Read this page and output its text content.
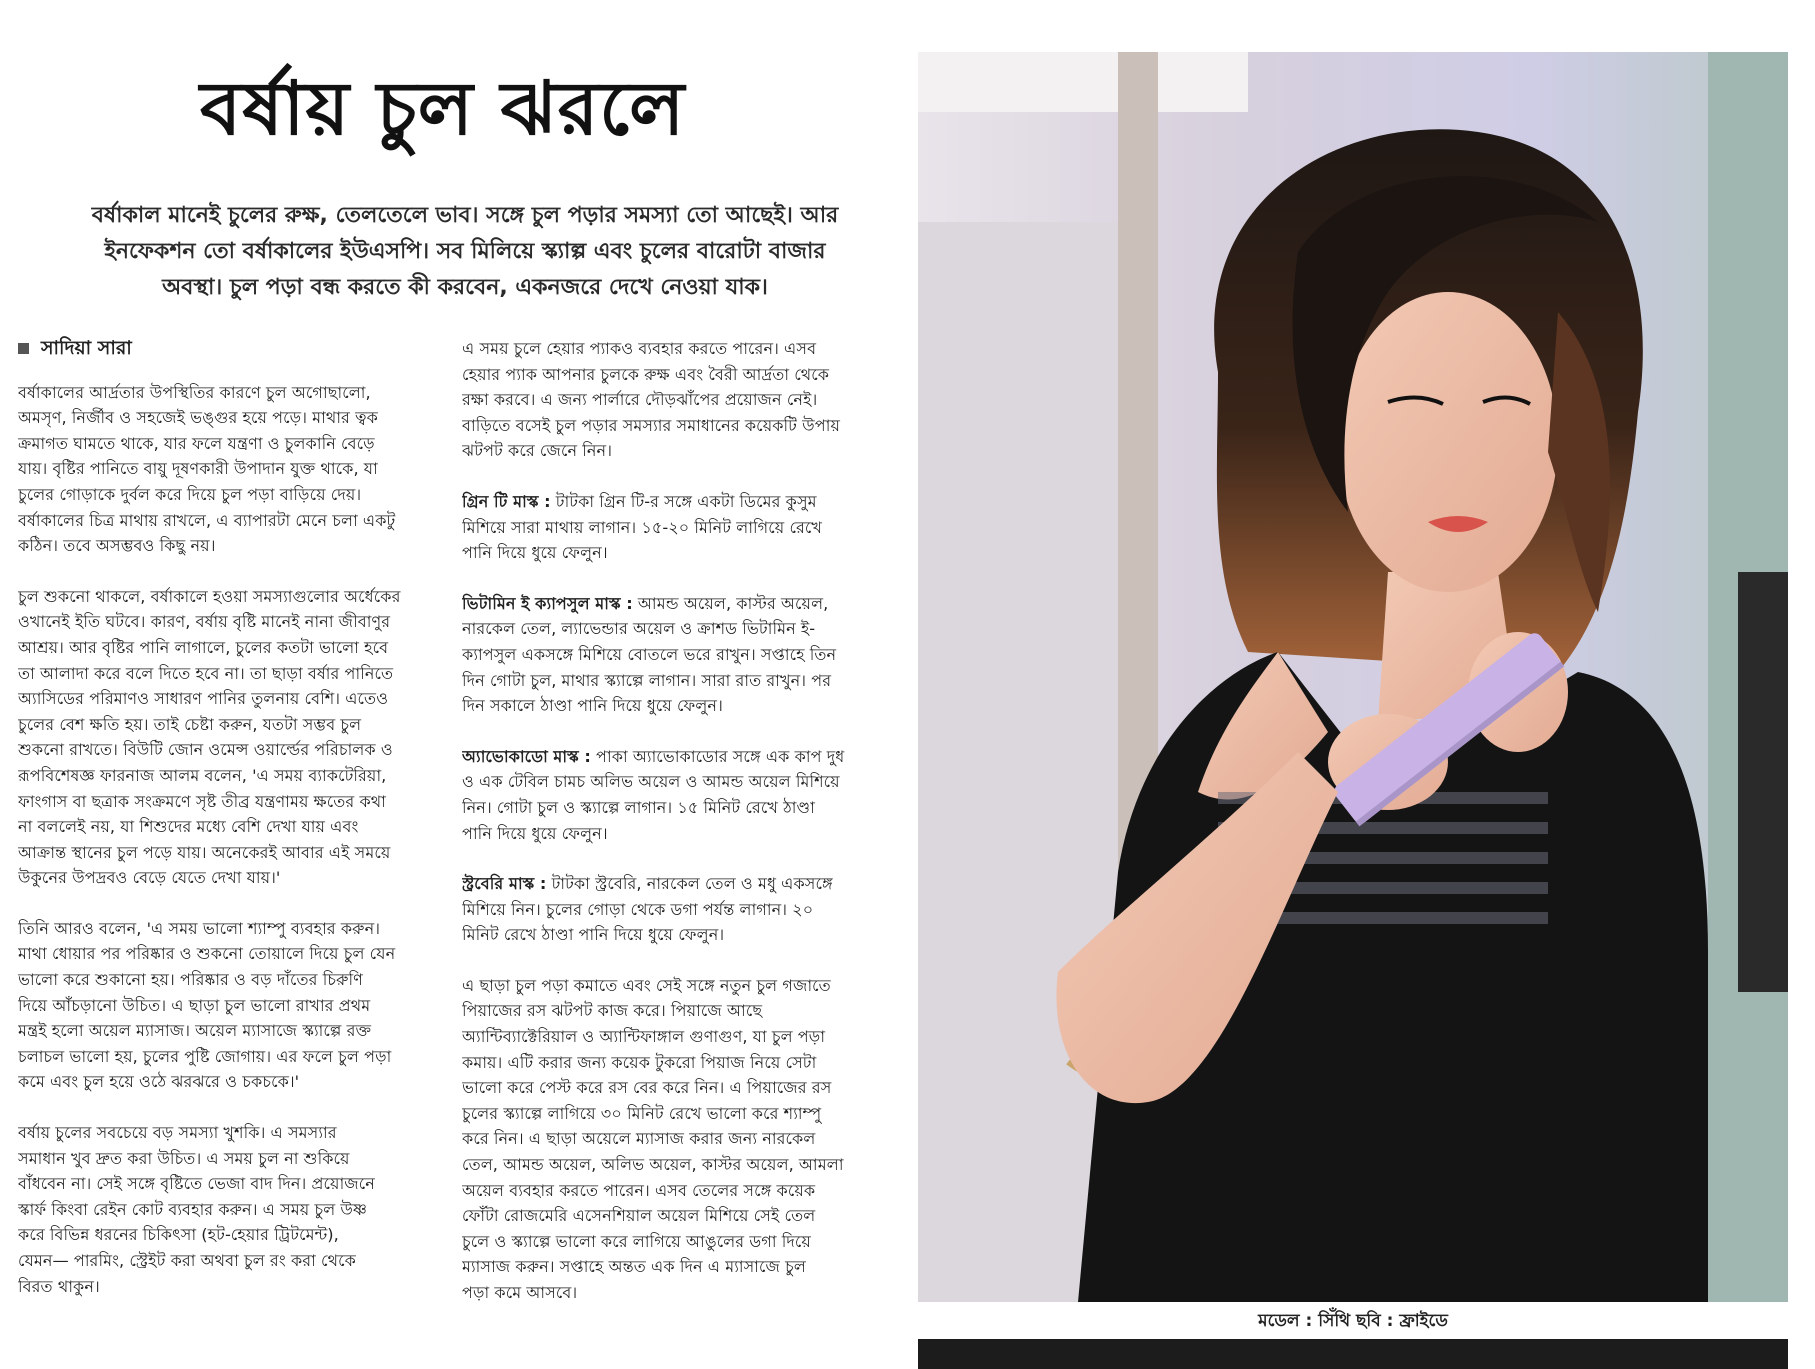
বর্ষায় চুল ঝরলে
বর্ষাকাল মানেই চুলের রুক্ষ, তেলতেলে ভাব। সঙ্গে চুল পড়ার সমস্যা তো আছেই। আর
ইনফেকশন তো বর্ষাকালের ইউএসপি। সব মিলিয়ে স্ক্যাল্প এবং চুলের বারোটা বাজার
অবস্থা। চুল পড়া বন্ধ করতে কী করবেন, একনজরে দেখে নেওয়া যাক।
সাদিয়া সারা

বর্ষাকালের আর্দ্রতার উপস্থিতির কারণে চুল অগোছালো,
অমসৃণ, নির্জীব ও সহজেই ভঙ্গুর হয়ে পড়ে। মাথার ত্বক
ক্রমাগত ঘামতে থাকে, যার ফলে যন্ত্রণা ও চুলকানি বেড়ে
যায়। বৃষ্টির পানিতে বায়ু দূষণকারী উপাদান যুক্ত থাকে, যা
চুলের গোড়াকে দুর্বল করে দিয়ে চুল পড়া বাড়িয়ে দেয়।
বর্ষাকালের চিত্র মাথায় রাখলে, এ ব্যাপারটা মেনে চলা একটু
কঠিন। তবে অসম্ভবও কিছু নয়।

চুল শুকনো থাকলে, বর্ষাকালে হওয়া সমস্যাগুলোর অর্ধেকের
ওখানেই ইতি ঘটবে। কারণ, বর্ষায় বৃষ্টি মানেই নানা জীবাণুর
আশ্রয়। আর বৃষ্টির পানি লাগালে, চুলের কতটা ভালো হবে
তা আলাদা করে বলে দিতে হবে না। তা ছাড়া বর্ষার পানিতে
অ্যাসিডের পরিমাণও সাধারণ পানির তুলনায় বেশি। এতেও
চুলের বেশ ক্ষতি হয়। তাই চেষ্টা করুন, যতটা সম্ভব চুল
শুকনো রাখতে। বিউটি জোন ওমেন্স ওয়ার্ল্ডের পরিচালক ও
রূপবিশেষজ্ঞ ফারনাজ আলম বলেন, 'এ সময় ব্যাকটেরিয়া,
ফাংগাস বা ছত্রাক সংক্রমণে সৃষ্ট তীব্র যন্ত্রণাময় ক্ষতের কথা
না বললেই নয়, যা শিশুদের মধ্যে বেশি দেখা যায় এবং
আক্রান্ত স্থানের চুল পড়ে যায়। অনেকেরই আবার এই সময়ে
উকুনের উপদ্রবও বেড়ে যেতে দেখা যায়।'

তিনি আরও বলেন, 'এ সময় ভালো শ্যাম্পু ব্যবহার করুন।
মাথা ধোয়ার পর পরিষ্কার ও শুকনো তোয়ালে দিয়ে চুল যেন
ভালো করে শুকানো হয়। পরিষ্কার ও বড় দাঁতের চিরুণি
দিয়ে আঁচড়ানো উচিত। এ ছাড়া চুল ভালো রাখার প্রথম
মন্ত্রই হলো অয়েল ম্যাসাজ। অয়েল ম্যাসাজে স্ক্যাল্পে রক্ত
চলাচল ভালো হয়, চুলের পুষ্টি জোগায়। এর ফলে চুল পড়া
কমে এবং চুল হয়ে ওঠে ঝরঝরে ও চকচকে।'

বর্ষায় চুলের সবচেয়ে বড় সমস্যা খুশকি। এ সমস্যার
সমাধান খুব দ্রুত করা উচিত। এ সময় চুল না শুকিয়ে
বাঁধবেন না। সেই সঙ্গে বৃষ্টিতে ভেজা বাদ দিন। প্রয়োজনে
স্কার্ফ কিংবা রেইন কোট ব্যবহার করুন। এ সময় চুল উষ্ণ
করে বিভিন্ন ধরনের চিকিৎসা (হট-হেয়ার ট্রিটমেন্ট),
যেমন— পারমিং, স্ট্রেইট করা অথবা চুল রং করা থেকে
বিরত থাকুন।

এ সময় চুলে হেয়ার প্যাকও ব্যবহার করতে পারেন। এসব
হেয়ার প্যাক আপনার চুলকে রুক্ষ এবং বৈরী আর্দ্রতা থেকে
রক্ষা করবে। এ জন্য পার্লারে দৌড়ঝাঁপের প্রয়োজন নেই।
বাড়িতে বসেই চুল পড়ার সমস্যার সমাধানের কয়েকটি উপায়
ঝটপট করে জেনে নিন।

গ্রিন টি মাস্ক : টাটকা গ্রিন টি-র সঙ্গে একটা ডিমের কুসুম
মিশিয়ে সারা মাথায় লাগান। ১৫-২০ মিনিট লাগিয়ে রেখে
পানি দিয়ে ধুয়ে ফেলুন।

ভিটামিন ই ক্যাপসুল মাস্ক : আমন্ড অয়েল, কাস্টর অয়েল,
নারকেল তেল, ল্যাভেন্ডার অয়েল ও ক্রাশড ভিটামিন ই-
ক্যাপসুল একসঙ্গে মিশিয়ে বোতলে ভরে রাখুন। সপ্তাহে তিন
দিন গোটা চুল, মাথার স্ক্যাল্পে লাগান। সারা রাত রাখুন। পর
দিন সকালে ঠাণ্ডা পানি দিয়ে ধুয়ে ফেলুন।

অ্যাভোকাডো মাস্ক : পাকা অ্যাভোকাডোর সঙ্গে এক কাপ দুধ
ও এক টেবিল চামচ অলিভ অয়েল ও আমন্ড অয়েল মিশিয়ে
নিন। গোটা চুল ও স্ক্যাল্পে লাগান। ১৫ মিনিট রেখে ঠাণ্ডা
পানি দিয়ে ধুয়ে ফেলুন।

স্ট্রবেরি মাস্ক : টাটকা স্ট্রবেরি, নারকেল তেল ও মধু একসঙ্গে
মিশিয়ে নিন। চুলের গোড়া থেকে ডগা পর্যন্ত লাগান। ২০
মিনিট রেখে ঠাণ্ডা পানি দিয়ে ধুয়ে ফেলুন।

এ ছাড়া চুল পড়া কমাতে এবং সেই সঙ্গে নতুন চুল গজাতে
পিয়াজের রস ঝটপট কাজ করে। পিয়াজে আছে
অ্যান্টিব্যাক্টেরিয়াল ও অ্যান্টিফাঙ্গাল গুণাগুণ, যা চুল পড়া
কমায়। এটি করার জন্য কয়েক টুকরো পিয়াজ নিয়ে সেটা
ভালো করে পেস্ট করে রস বের করে নিন। এ পিয়াজের রস
চুলের স্ক্যাল্পে লাগিয়ে ৩০ মিনিট রেখে ভালো করে শ্যাম্পু
করে নিন। এ ছাড়া অয়েলে ম্যাসাজ করার জন্য নারকেল
তেল, আমন্ড অয়েল, অলিভ অয়েল, কাস্টর অয়েল, আমলা
অয়েল ব্যবহার করতে পারেন। এসব তেলের সঙ্গে কয়েক
ফোঁটা রোজমেরি এসেনশিয়াল অয়েল মিশিয়ে সেই তেল
চুলে ও স্ক্যাল্পে ভালো করে লাগিয়ে আঙুলের ডগা দিয়ে
ম্যাসাজ করুন। সপ্তাহে অন্তত এক দিন এ ম্যাসাজে চুল
পড়া কমে আসবে।

মডেল : সিঁথি ছবি : ফ্রাইডে
